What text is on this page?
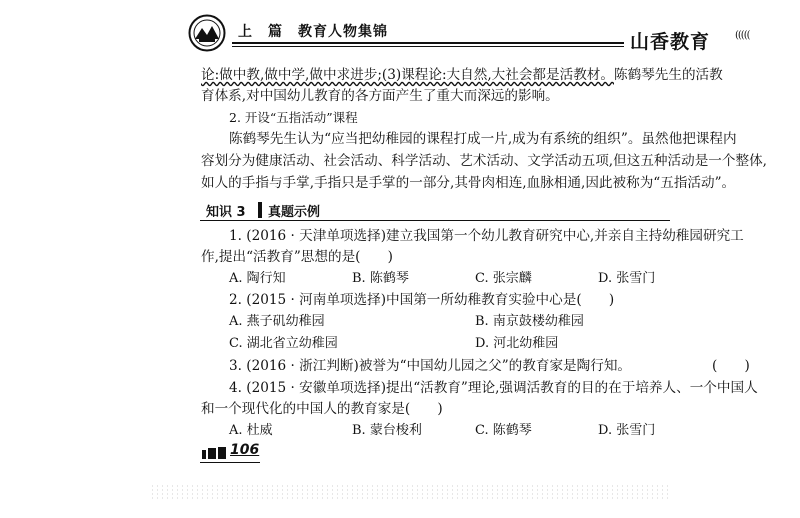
上　篇　教育人物集锦	山香教育 (((((
论:做中教,做中学,做中求进步;(3)课程论:大自然,大社会都是活教材。陈鹤琴先生的活教
育体系,对中国幼儿教育的各方面产生了重大而深远的影响。
2. 开设“五指活动”课程
陈鹤琴先生认为“应当把幼稚园的课程打成一片,成为有系统的组织”。虽然他把课程内
容划分为健康活动、社会活动、科学活动、艺术活动、文学活动五项,但这五种活动是一个整体,
如人的手指与手掌,手指只是手掌的一部分,其骨肉相连,血脉相通,因此被称为“五指活动”。
知识 3 真题示例
1. (2016 · 天津单项选择)建立我国第一个幼儿教育研究中心,并亲自主持幼稚园研究工
作,提出“活教育”思想的是(　　)
A. 陶行知	B. 陈鹤琴	C. 张宗麟	D. 张雪门
2. (2015 · 河南单项选择)中国第一所幼稚教育实验中心是(　　)
A. 燕子矶幼稚园	B. 南京鼓楼幼稚园
C. 湖北省立幼稚园	D. 河北幼稚园
3. (2016 · 浙江判断)被誉为“中国幼儿园之父”的教育家是陶行知。	(　　)
4. (2015 · 安徽单项选择)提出“活教育”理论,强调活教育的目的在于培养人、一个中国人
和一个现代化的中国人的教育家是(　　)
A. 杜威	B. 蒙台梭利	C. 陈鹤琴	D. 张雪门
106
